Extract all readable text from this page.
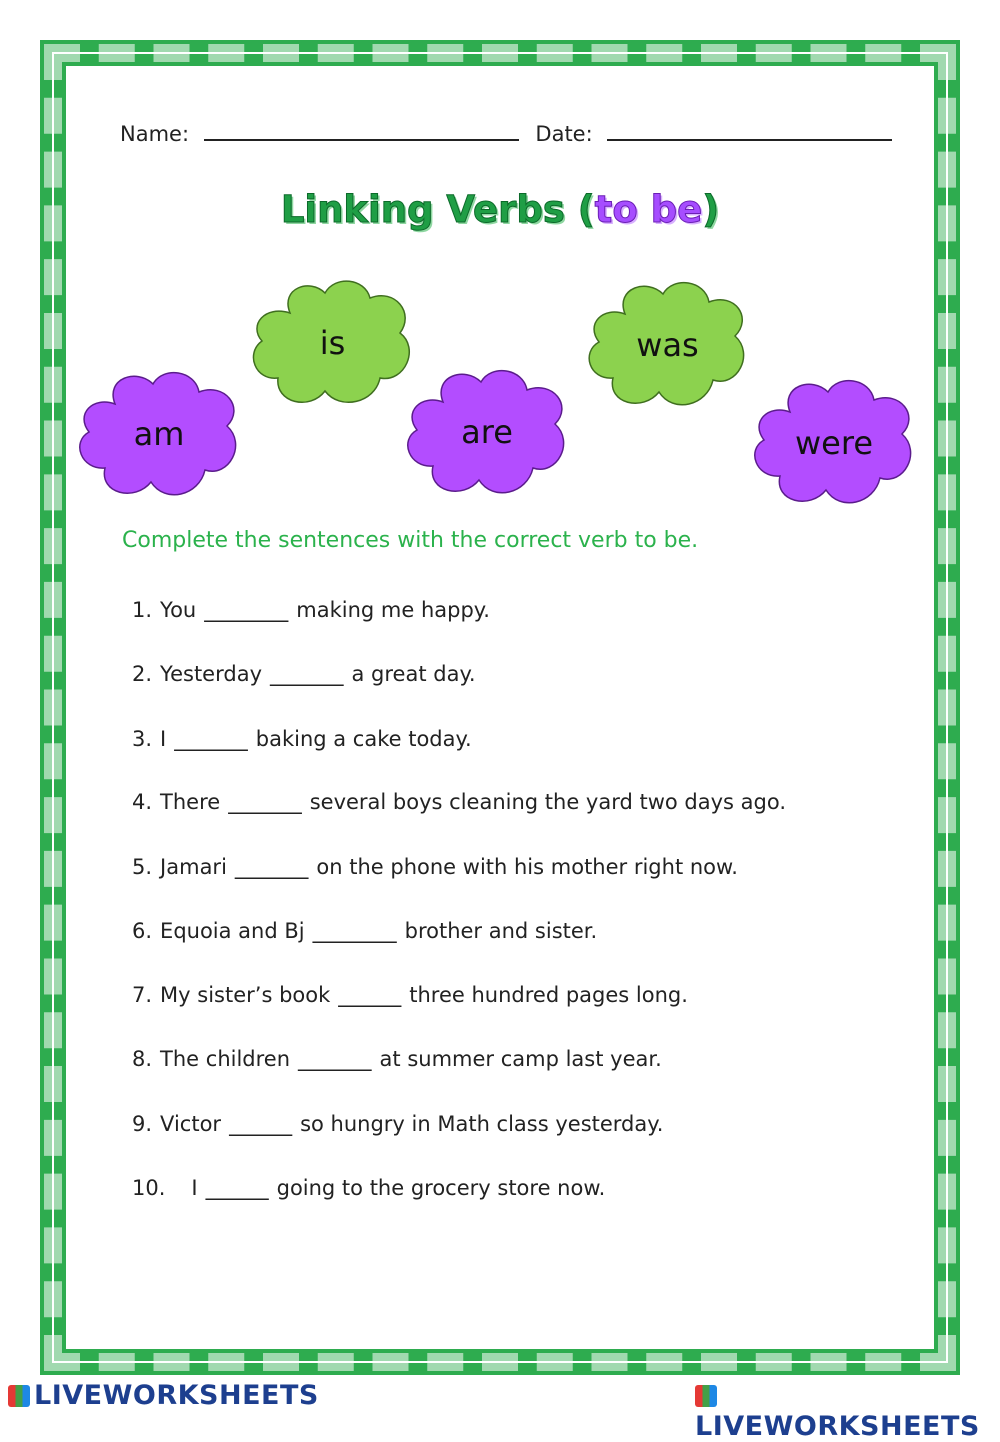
Name:	Date:
Linking Verbs (to be)
is	was
am	are	were
Complete the sentences with the correct verb to be.
1. You ________ making me happy.
2. Yesterday _______ a great day.
3. I _______ baking a cake today.
4. There _______ several boys cleaning the yard two days ago.
5. Jamari _______ on the phone with his mother right now.
6. Equoia and Bj ________ brother and sister.
7. My sister’s book ______ three hundred pages long.
8. The children _______ at summer camp last year.
9. Victor ______ so hungry in Math class yesterday.
10. I ______ going to the grocery store now.
LIVEWORKSHEETS
LIVEWORKSHEETS
